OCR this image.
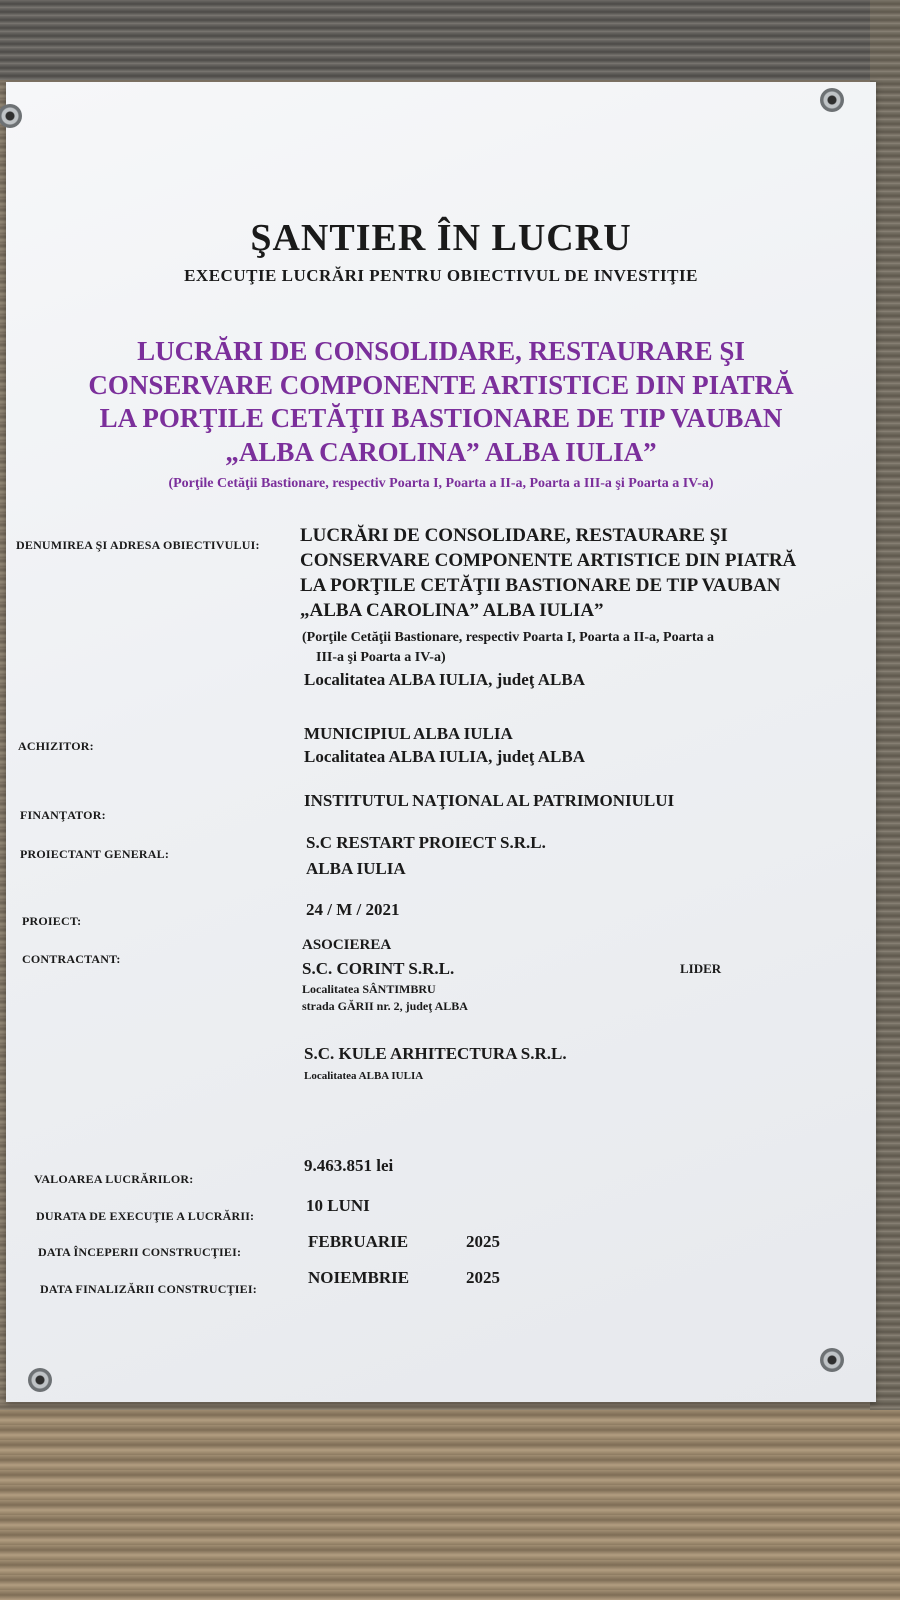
ŞANTIER ÎN LUCRU

EXECUŢIE LUCRĂRI PENTRU OBIECTIVUL DE INVESTIŢIE

LUCRĂRI DE CONSOLIDARE, RESTAURARE ŞI

CONSERVARE COMPONENTE ARTISTICE DIN PIATRĂ

LA PORŢILE CETĂŢII BASTIONARE DE TIP VAUBAN

„ALBA CAROLINA” ALBA IULIA”

(Porţile Cetăţii Bastionare, respectiv Poarta I, Poarta a II-a, Poarta a III-a şi Poarta a IV-a)

DENUMIREA ŞI ADRESA OBIECTIVULUI: LUCRĂRI DE CONSOLIDARE, RESTAURARE ŞI

CONSERVARE COMPONENTE ARTISTICE DIN PIATRĂ

LA PORŢILE CETĂŢII BASTIONARE DE TIP VAUBAN

„ALBA CAROLINA” ALBA IULIA”

(Porţile Cetăţii Bastionare, respectiv Poarta I, Poarta a II-a, Poarta a

III-a şi Poarta a IV-a)

Localitatea ALBA IULIA, judeţ ALBA

ACHIZITOR:

MUNICIPIUL ALBA IULIA

Localitatea ALBA IULIA, judeţ ALBA

FINANŢATOR:

INSTITUTUL NAŢIONAL AL PATRIMONIULUI

PROIECTANT GENERAL:

S.C RESTART PROIECT S.R.L.

ALBA IULIA

PROIECT:

24 / M / 2021

CONTRACTANT:

ASOCIEREA

S.C. CORINT S.R.L.	LIDER

Localitatea SÂNTIMBRU

strada GĂRII nr. 2, judeţ ALBA

S.C. KULE ARHITECTURA S.R.L.

Localitatea ALBA IULIA

VALOAREA LUCRĂRILOR:

9.463.851 lei

DURATA DE EXECUŢIE A LUCRĂRII:

10 LUNI

DATA ÎNCEPERII CONSTRUCŢIEI:

FEBRUARIE	2025

DATA FINALIZĂRII CONSTRUCŢIEI:

NOIEMBRIE	2025
